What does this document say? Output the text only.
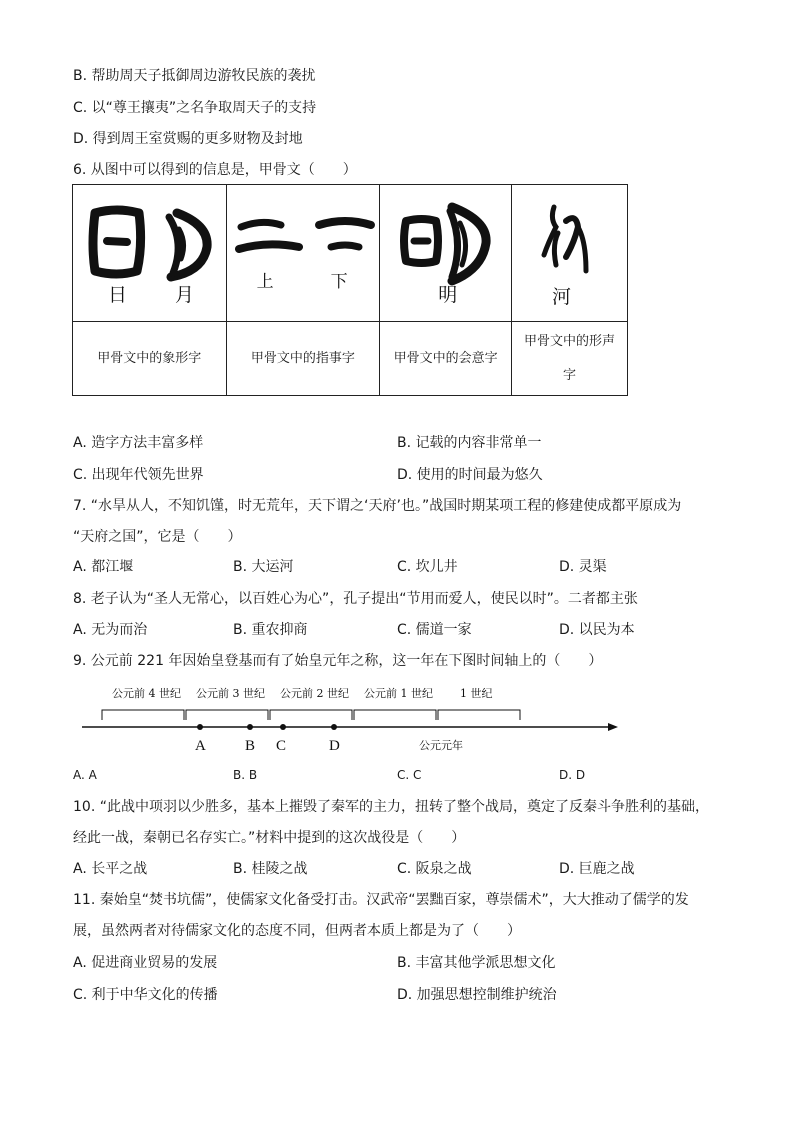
B. 帮助周天子抵御周边游牧民族的袭扰
C. 以“尊王攘夷”之名争取周天子的支持
D. 得到周王室赏赐的更多财物及封地
6. 从图中可以得到的信息是，甲骨文（　　）
日 月	上 下	明	河

甲骨文中的象形字	甲骨文中的指事字	甲骨文中的会意字	甲骨文中的形声
字
A. 造字方法丰富多样	B. 记载的内容非常单一
C. 出现年代领先世界	D. 使用的时间最为悠久
7. “水旱从人，不知饥馑，时无荒年，天下谓之‘天府’也。”战国时期某项工程的修建使成都平原成为
“天府之国”，它是（　　）
A. 都江堰	B. 大运河	C. 坎儿井	D. 灵渠
8. 老子认为“圣人无常心，以百姓心为心”，孔子提出“节用而爱人，使民以时”。二者都主张
A. 无为而治	B. 重农抑商	C. 儒道一家	D. 以民为本
9. 公元前 221 年因始皇登基而有了始皇元年之称，这一年在下图时间轴上的（　　）
公元前 4 世纪 公元前 3 世纪 公元前 2 世纪 公元前 1 世纪 1 世纪
A	B C	D	公元元年
A. A	B. B	C. C	D. D
10. “此战中项羽以少胜多，基本上摧毁了秦军的主力，扭转了整个战局，奠定了反秦斗争胜利的基础，
经此一战，秦朝已名存实亡。”材料中提到的这次战役是（　　）
A. 长平之战	B. 桂陵之战	C. 阪泉之战	D. 巨鹿之战
11. 秦始皇“焚书坑儒”，使儒家文化备受打击。汉武帝“罢黜百家，尊崇儒术”，大大推动了儒学的发
展，虽然两者对待儒家文化的态度不同，但两者本质上都是为了（　　）
A. 促进商业贸易的发展	B. 丰富其他学派思想文化
C. 利于中华文化的传播	D. 加强思想控制维护统治
